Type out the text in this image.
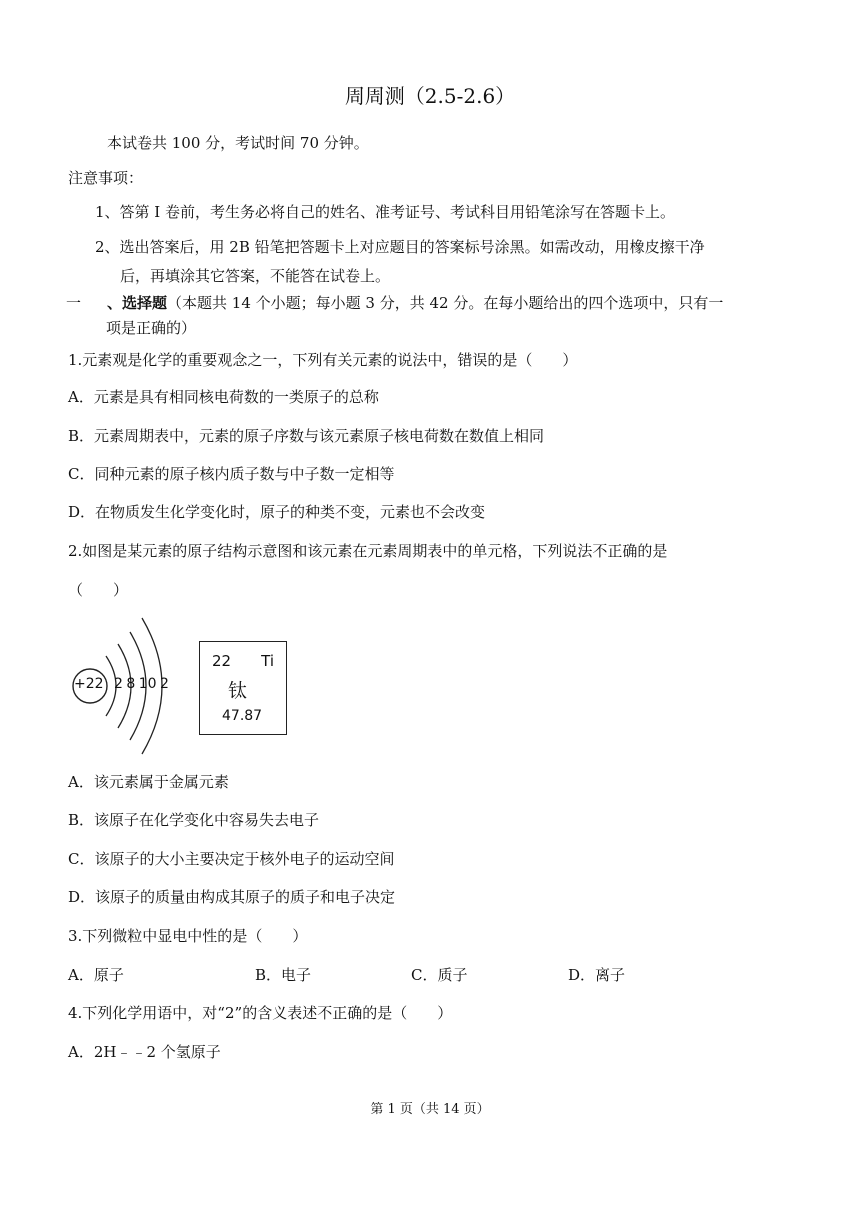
周周测（2.5-2.6）
本试卷共 100 分，考试时间 70 分钟。
注意事项：
1、答第 I 卷前，考生务必将自己的姓名、准考证号、考试科目用铅笔涂写在答题卡上。
2、选出答案后，用 2B 铅笔把答题卡上对应题目的答案标号涂黑。如需改动，用橡皮擦干净
后，再填涂其它答案，不能答在试卷上。
一 、选择题（本题共 14 个小题；每小题 3 分，共 42 分。在每小题给出的四个选项中，只有一
项是正确的）
1.元素观是化学的重要观念之一，下列有关元素的说法中，错误的是（　　）
A．元素是具有相同核电荷数的一类原子的总称
B．元素周期表中，元素的原子序数与该元素原子核电荷数在数值上相同
C．同种元素的原子核内质子数与中子数一定相等
D．在物质发生化学变化时，原子的种类不变，元素也不会改变
2.如图是某元素的原子结构示意图和该元素在元素周期表中的单元格，下列说法不正确的是
（　　）
+22 2 8 10 2
22 Ti
钛
47.87
A．该元素属于金属元素
B．该原子在化学变化中容易失去电子
C．该原子的大小主要决定于核外电子的运动空间
D．该原子的质量由构成其原子的质子和电子决定
3.下列微粒中显电中性的是（　　）
A．原子	B．电子	C．质子	D．离子
4.下列化学用语中，对“2”的含义表述不正确的是（　　）
A．2H﹣﹣2 个氢原子
第 1 页（共 14 页）
